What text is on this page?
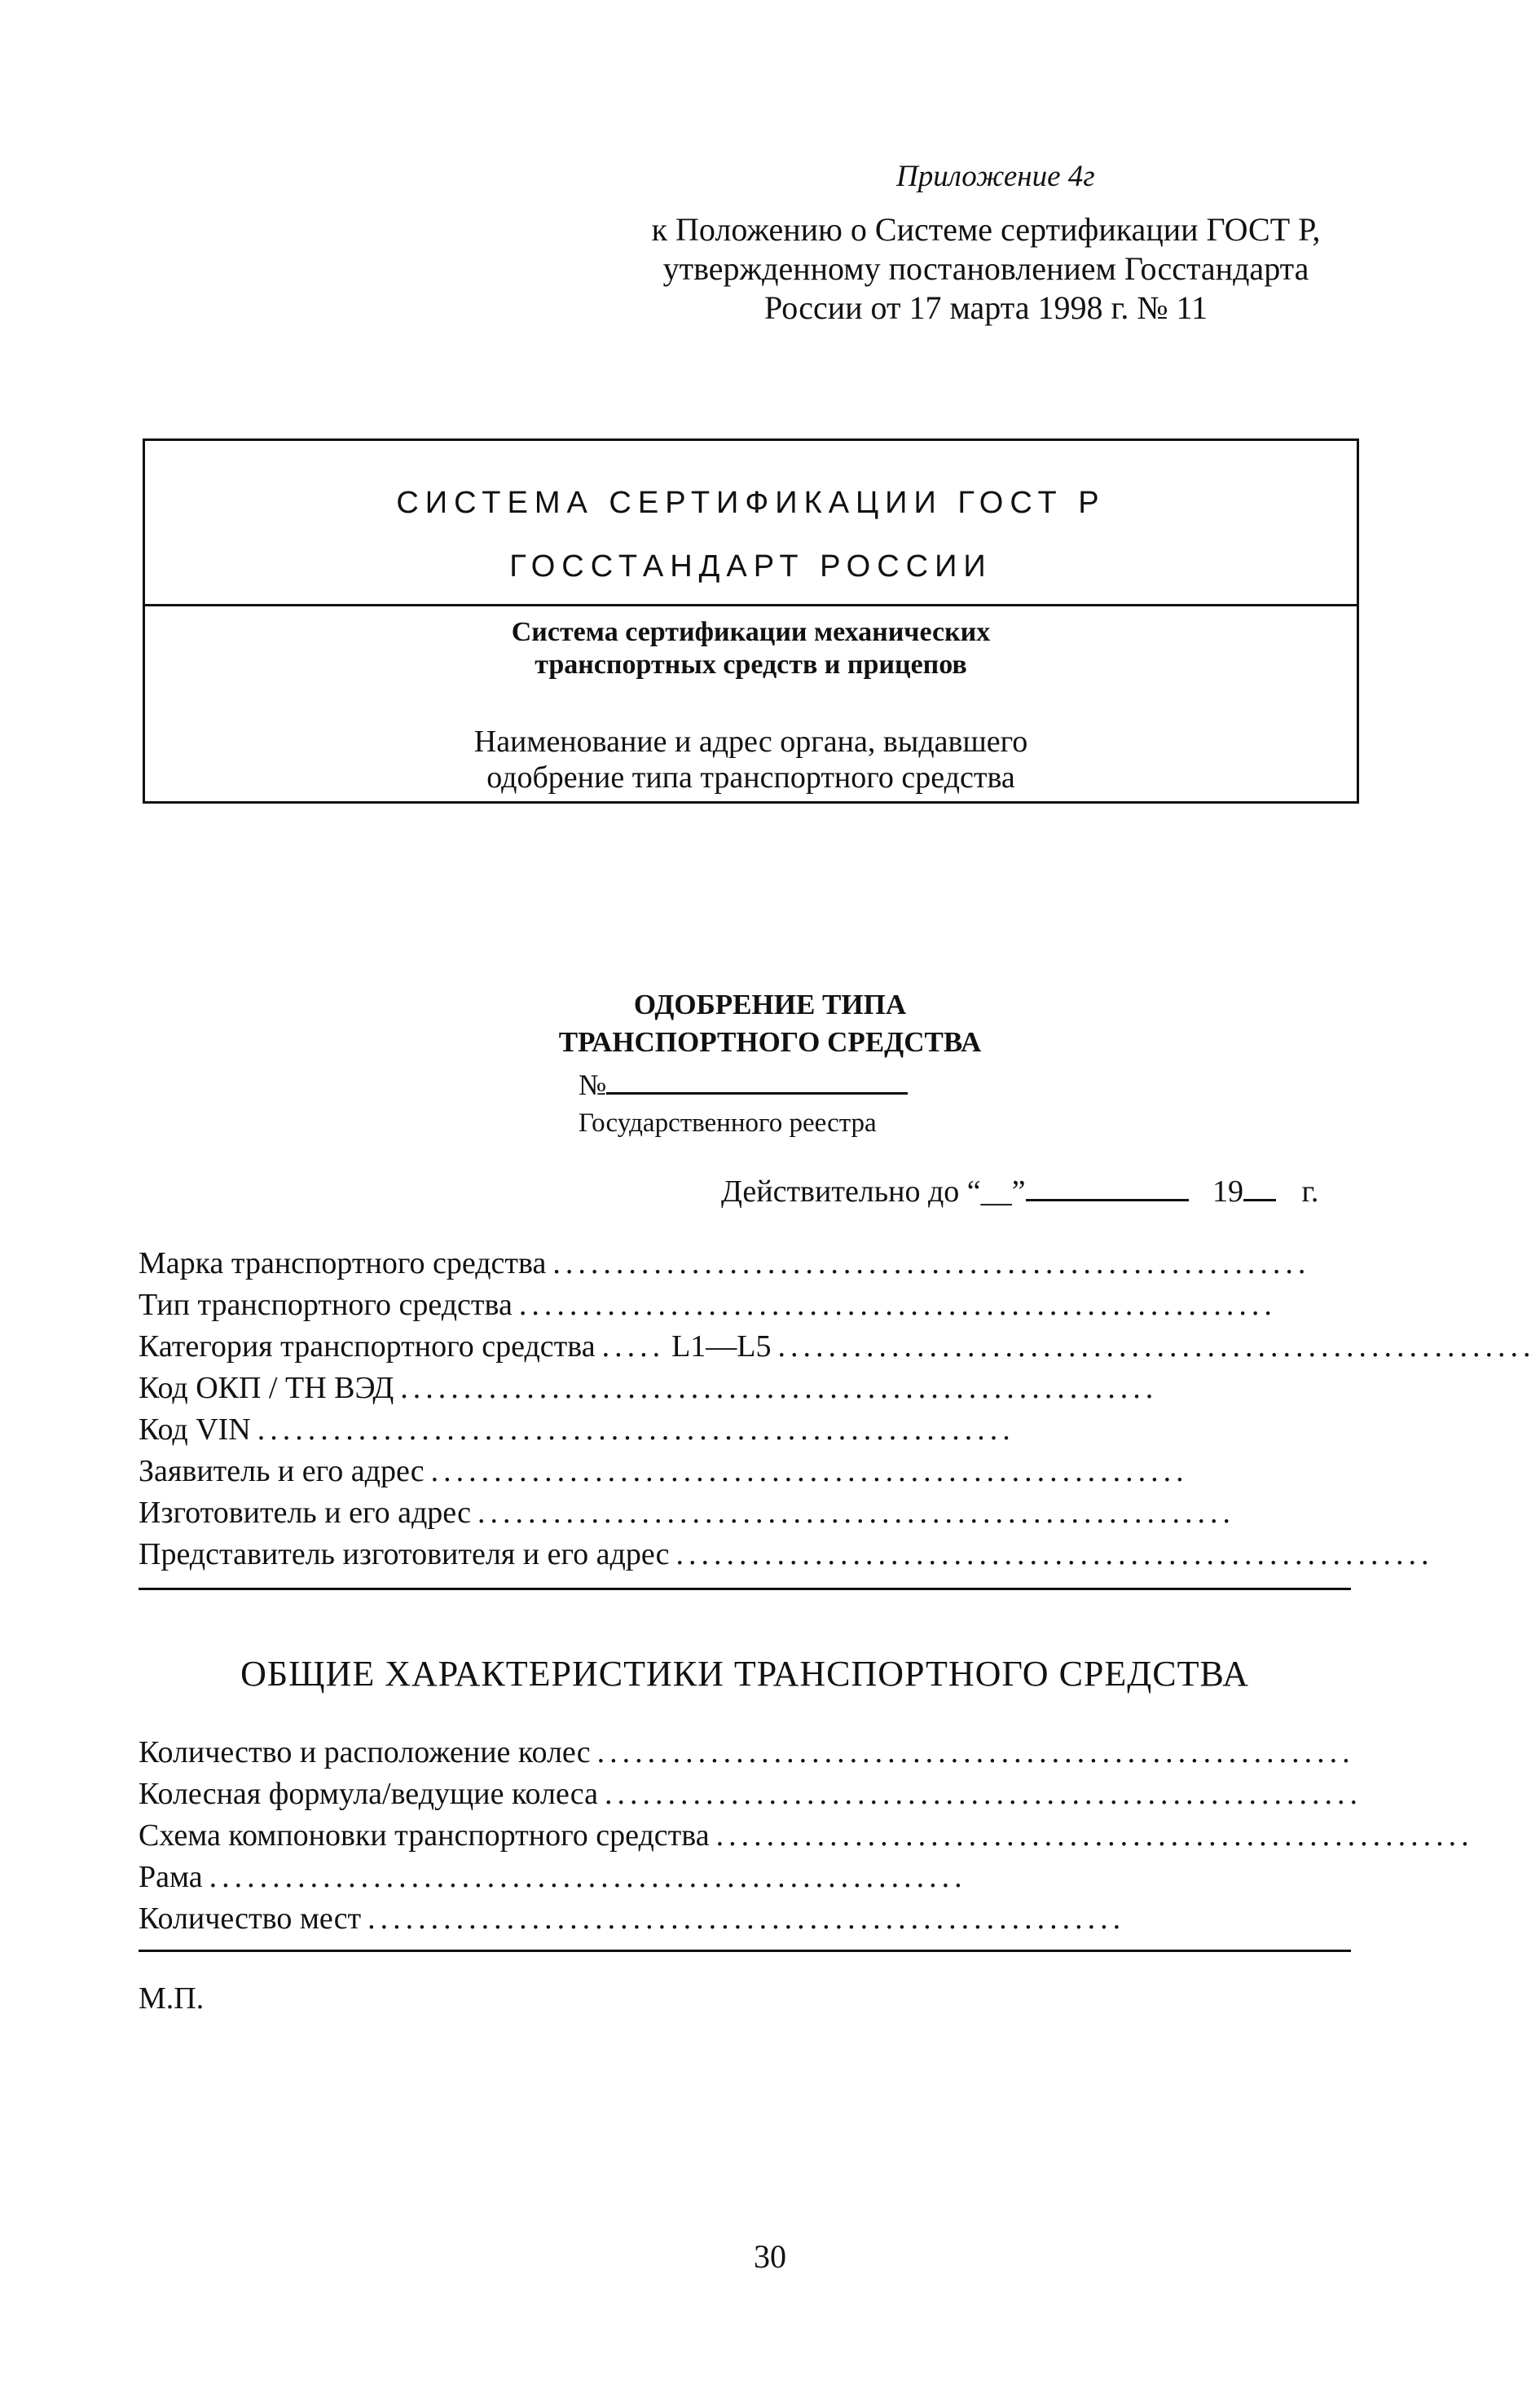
Приложение 4г
к Положению о Системе сертификации ГОСТ Р,
утвержденному постановлением Госстандарта
России от 17 марта 1998 г. № 11
СИСТЕМА СЕРТИФИКАЦИИ ГОСТ Р
ГОССТАНДАРТ РОССИИ
Система сертификации механических
транспортных средств и прицепов
Наименование и адрес органа, выдавшего
одобрение типа транспортного средства
ОДОБРЕНИЕ ТИПА
ТРАНСПОРТНОГО СРЕДСТВА
№
Государственного реестра
Действительно до “__”	19 г.
Марка транспортного средства ............................................................
Тип транспортного средства ............................................................
Категория транспортного средства ..... L1—L5 ............................................................
Код ОКП / ТН ВЭД ............................................................
Код VIN ............................................................
Заявитель и его адрес ............................................................
Изготовитель и его адрес ............................................................
Представитель изготовителя и его адрес ............................................................
ОБЩИЕ ХАРАКТЕРИСТИКИ ТРАНСПОРТНОГО СРЕДСТВА
Количество и расположение колес ............................................................
Колесная формула/ведущие колеса ............................................................
Схема компоновки транспортного средства ............................................................
Рама ............................................................
Количество мест ............................................................
М.П.
30
